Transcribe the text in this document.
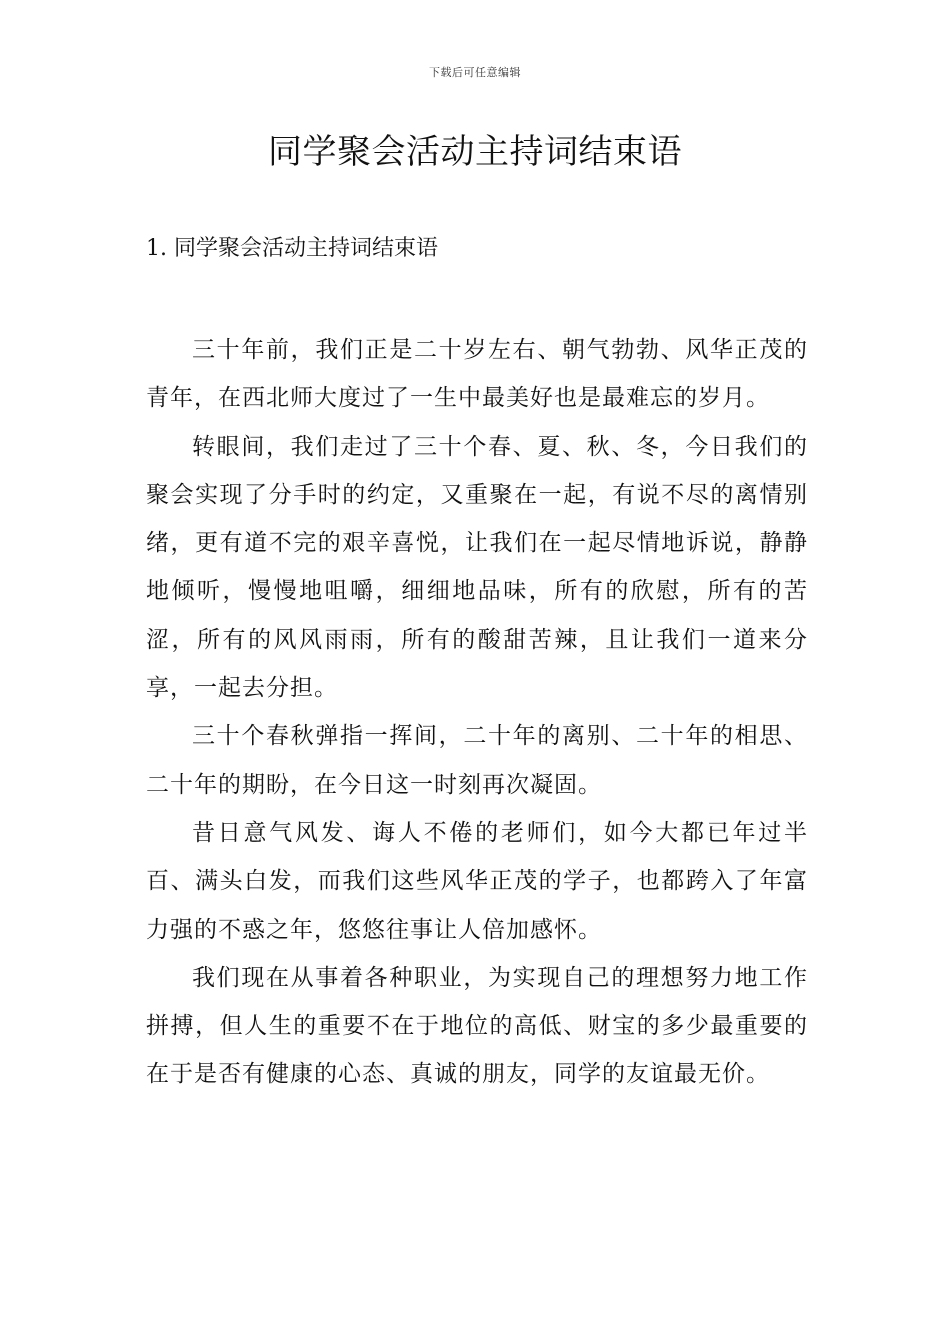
下载后可任意编辑
同学聚会活动主持词结束语
1. 同学聚会活动主持词结束语

三十年前，我们正是二十岁左右、朝气勃勃、风华正茂的青年，在西北师大度过了一生中最美好也是最难忘的岁月。

转眼间，我们走过了三十个春、夏、秋、冬，今日我们的聚会实现了分手时的约定，又重聚在一起，有说不尽的离情别绪，更有道不完的艰辛喜悦，让我们在一起尽情地诉说，静静地倾听，慢慢地咀嚼，细细地品味，所有的欣慰，所有的苦涩，所有的风风雨雨，所有的酸甜苦辣，且让我们一道来分享，一起去分担。

三十个春秋弹指一挥间，二十年的离别、二十年的相思、二十年的期盼，在今日这一时刻再次凝固。

昔日意气风发、诲人不倦的老师们，如今大都已年过半百、满头白发，而我们这些风华正茂的学子，也都跨入了年富力强的不惑之年，悠悠往事让人倍加感怀。

我们现在从事着各种职业，为实现自己的理想努力地工作拼搏，但人生的重要不在于地位的高低、财宝的多少最重要的在于是否有健康的心态、真诚的朋友，同学的友谊最无价。
